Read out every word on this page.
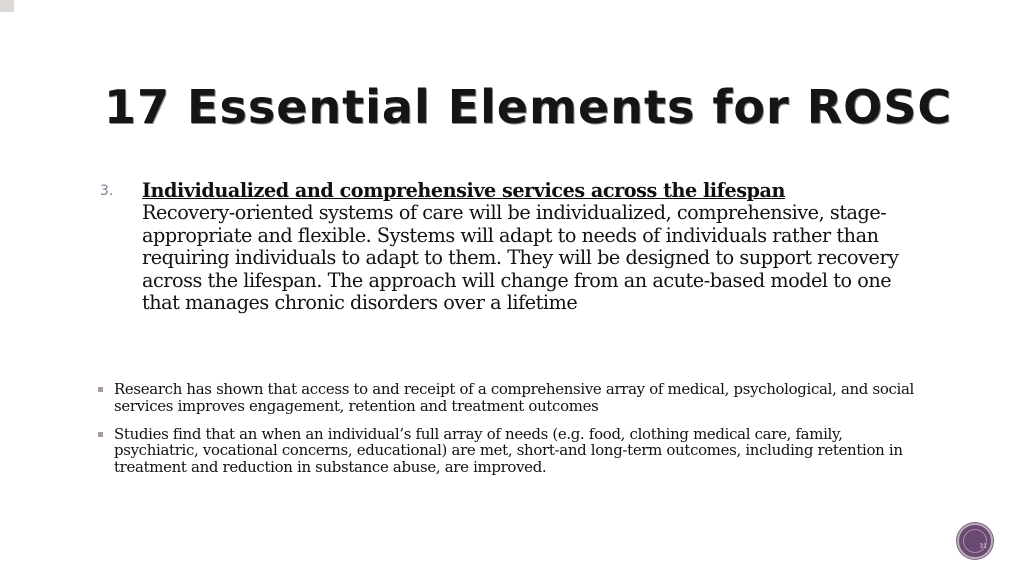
17 Essential Elements for ROSC
3. Individualized and comprehensive services across the lifespan
Recovery-oriented systems of care will be individualized, comprehensive, stage-appropriate and flexible. Systems will adapt to needs of individuals rather than requiring individuals to adapt to them. They will be designed to support recovery across the lifespan. The approach will change from an acute-based model to one that manages chronic disorders over a lifetime
Research has shown that access to and receipt of a comprehensive array of medical, psychological, and social services improves engagement, retention and treatment outcomes
Studies find that an when an individual’s full array of needs (e.g. food, clothing medical care, family, psychiatric, vocational concerns, educational) are met, short-and long-term outcomes, including retention in treatment and reduction in substance abuse, are improved.
31
